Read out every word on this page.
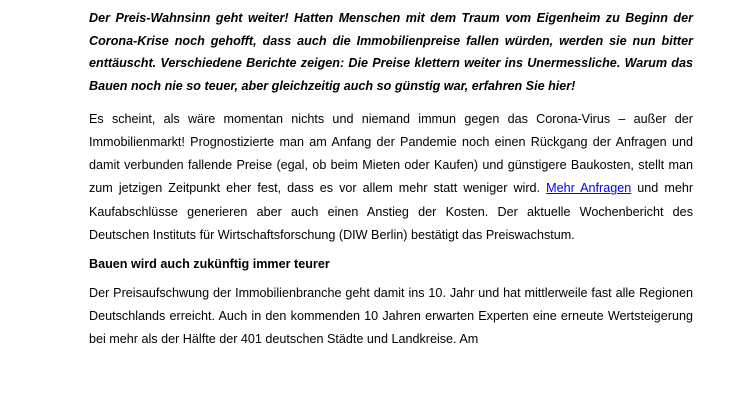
Der Preis-Wahnsinn geht weiter! Hatten Menschen mit dem Traum vom Eigenheim zu Beginn der Corona-Krise noch gehofft, dass auch die Immobilienpreise fallen würden, werden sie nun bitter enttäuscht. Verschiedene Berichte zeigen: Die Preise klettern weiter ins Unermessliche. Warum das Bauen noch nie so teuer, aber gleichzeitig auch so günstig war, erfahren Sie hier!

Es scheint, als wäre momentan nichts und niemand immun gegen das Corona-Virus – außer der Immobilienmarkt! Prognostizierte man am Anfang der Pandemie noch einen Rückgang der Anfragen und damit verbunden fallende Preise (egal, ob beim Mieten oder Kaufen) und günstigere Baukosten, stellt man zum jetzigen Zeitpunkt eher fest, dass es vor allem mehr statt weniger wird. Mehr Anfragen und mehr Kaufabschlüsse generieren aber auch einen Anstieg der Kosten. Der aktuelle Wochenbericht des Deutschen Instituts für Wirtschaftsforschung (DIW Berlin) bestätigt das Preiswachstum.

Bauen wird auch zukünftig immer teurer

Der Preisaufschwung der Immobilienbranche geht damit ins 10. Jahr und hat mittlerweile fast alle Regionen Deutschlands erreicht. Auch in den kommenden 10 Jahren erwarten Experten eine erneute Wertsteigerung bei mehr als der Hälfte der 401 deutschen Städte und Landkreise. Am
